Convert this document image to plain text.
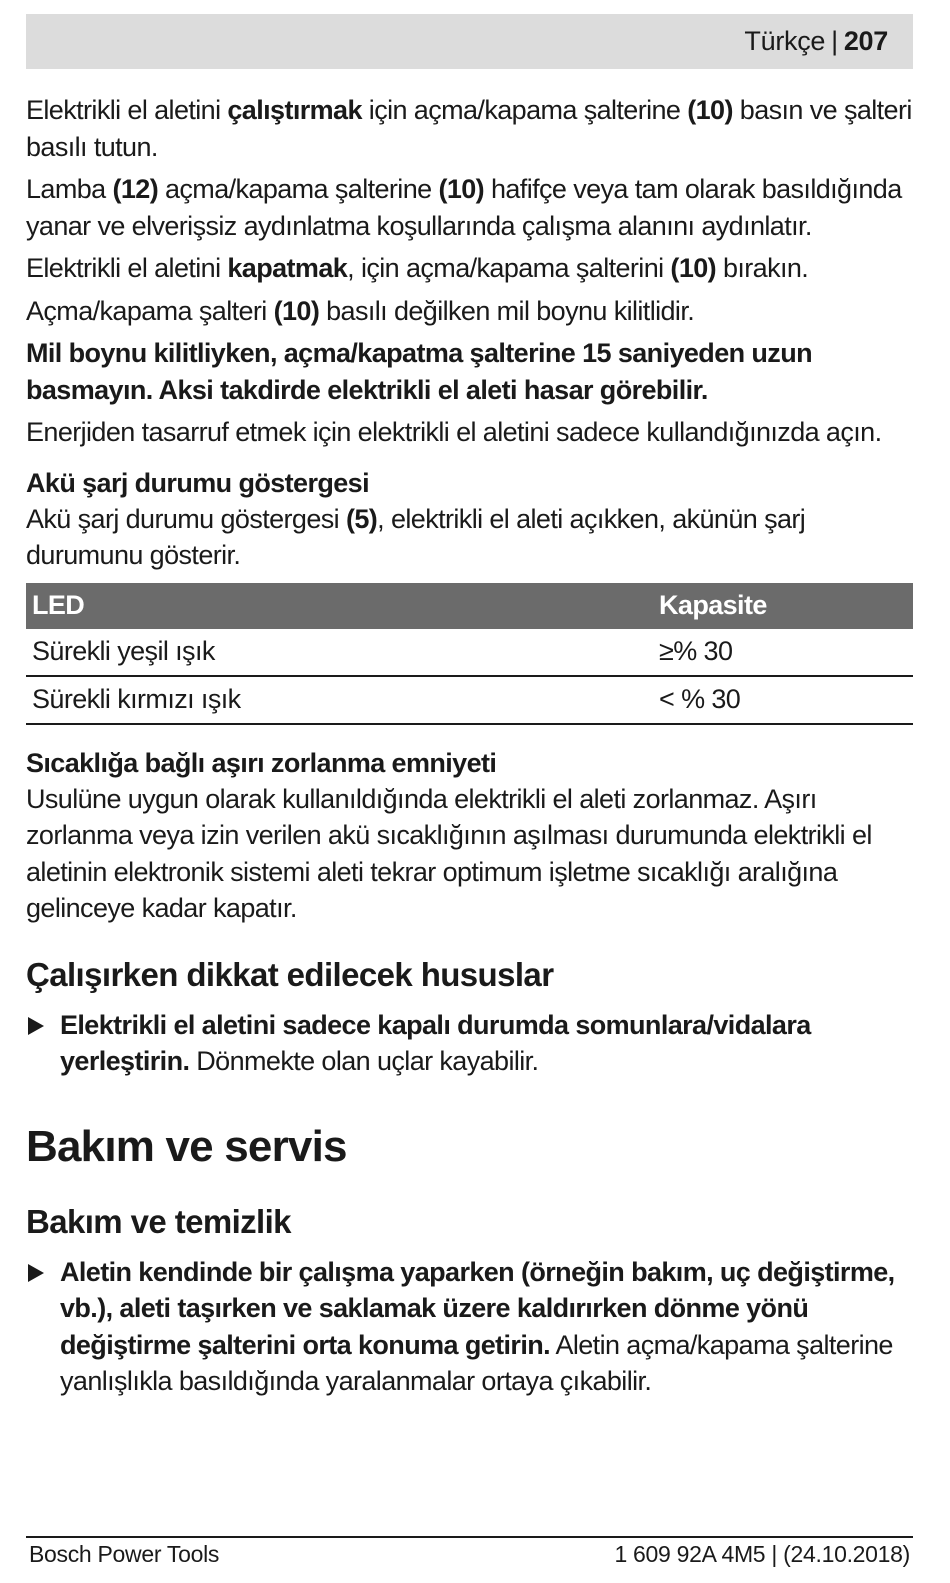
Türkçe | 207

Elektrikli el aletini çalıştırmak için açma/kapama şalterine (10) basın ve şalteri basılı tutun.

Lamba (12) açma/kapama şalterine (10) hafifçe veya tam olarak basıldığında yanar ve elverişsiz aydınlatma koşullarında çalışma alanını aydınlatır.

Elektrikli el aletini kapatmak, için açma/kapama şalterini (10) bırakın.

Açma/kapama şalteri (10) basılı değilken mil boynu kilitlidir.

Mil boynu kilitliyken, açma/kapatma şalterine 15 saniyeden uzun basmayın. Aksi takdirde elektrikli el aleti hasar görebilir.

Enerjiden tasarruf etmek için elektrikli el aletini sadece kullandığınızda açın.

Akü şarj durumu göstergesi

Akü şarj durumu göstergesi (5), elektrikli el aleti açıkken, akünün şarj durumunu gösterir.

LED	Kapasite
Sürekli yeşil ışık	≥% 30
Sürekli kırmızı ışık	< % 30

Sıcaklığa bağlı aşırı zorlanma emniyeti

Usulüne uygun olarak kullanıldığında elektrikli el aleti zorlanmaz. Aşırı zorlanma veya izin verilen akü sıcaklığının aşılması durumunda elektrikli el aletinin elektronik sistemi aleti tekrar optimum işletme sıcaklığı aralığına gelinceye kadar kapatır.

Çalışırken dikkat edilecek hususlar

Elektrikli el aletini sadece kapalı durumda somunlara/vidalara yerleştirin. Dönmekte olan uçlar kayabilir.

Bakım ve servis

Bakım ve temizlik

Aletin kendinde bir çalışma yaparken (örneğin bakım, uç değiştirme, vb.), aleti taşırken ve saklamak üzere kaldırırken dönme yönü değiştirme şalterini orta konuma getirin. Aletin açma/kapama şalterine yanlışlıkla basıldığında yaralanmalar ortaya çıkabilir.

Bosch Power Tools	1 609 92A 4M5 | (24.10.2018)
